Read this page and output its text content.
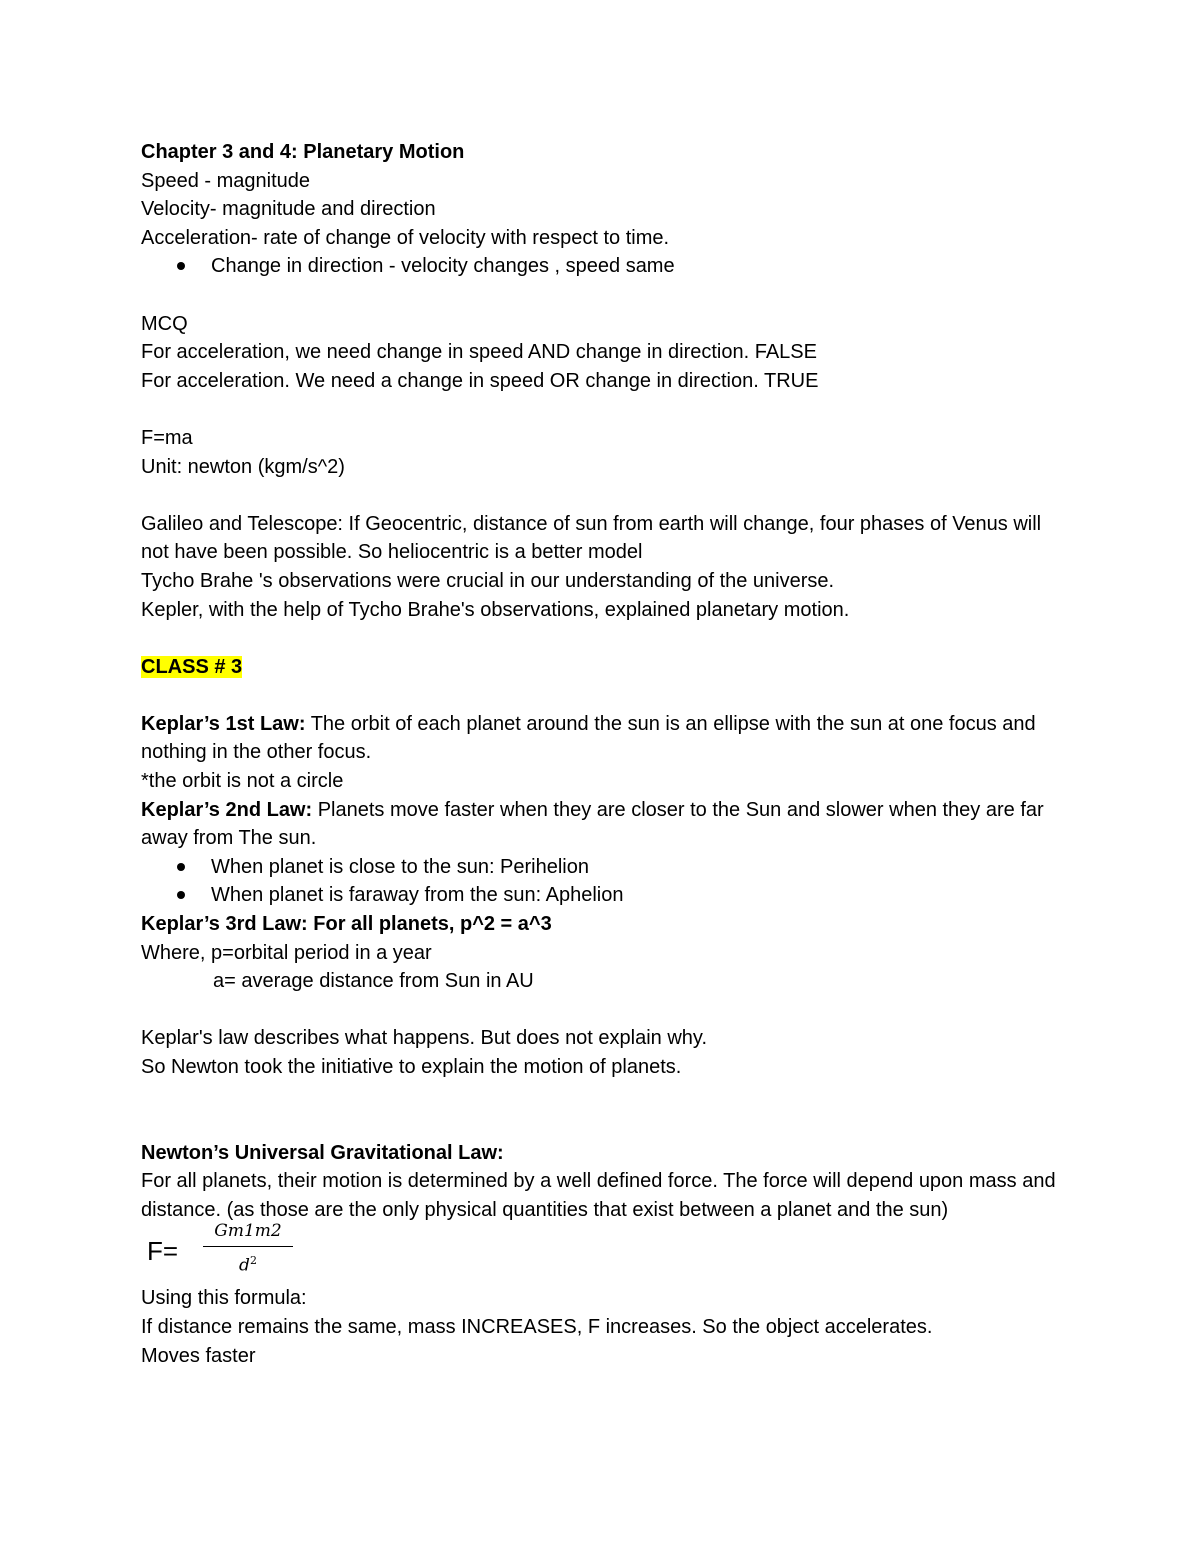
Chapter 3 and 4: Planetary Motion
Speed - magnitude
Velocity- magnitude and direction
Acceleration- rate of change of velocity with respect to time.
Change in direction - velocity changes , speed same
MCQ
For acceleration, we need change in speed AND change in direction. FALSE
For acceleration. We need a change in speed OR change in direction. TRUE
F=ma
Unit: newton (kgm/s^2)
Galileo and Telescope: If Geocentric, distance of sun from earth will change, four phases of Venus will not have been possible. So heliocentric is a better model
Tycho Brahe 's observations were crucial in our understanding of the universe.
Kepler, with the help of Tycho Brahe's observations, explained planetary motion.
CLASS # 3
Keplar’s 1st Law: The orbit of each planet around the sun is an ellipse with the sun at one focus and nothing in the other focus.
*the orbit is not a circle
Keplar’s 2nd Law: Planets move faster when they are closer to the Sun and slower when they are far away from The sun.
When planet is close to the sun: Perihelion
When planet is faraway from the sun: Aphelion
Keplar’s 3rd Law: For all planets, p^2 = a^3
Where, p=orbital period in a year
a= average distance from Sun in AU
Keplar's law describes what happens. But does not explain why.
So Newton took the initiative to explain the motion of planets.
Newton’s Universal Gravitational Law:
For all planets, their motion is determined by a well defined force. The force will depend upon mass and distance. (as those are the only physical quantities that exist between a planet and the sun)
F=
Gm1m2
$d^2$
Using this formula:
If distance remains the same, mass INCREASES, F increases. So the object accelerates.
Moves faster
